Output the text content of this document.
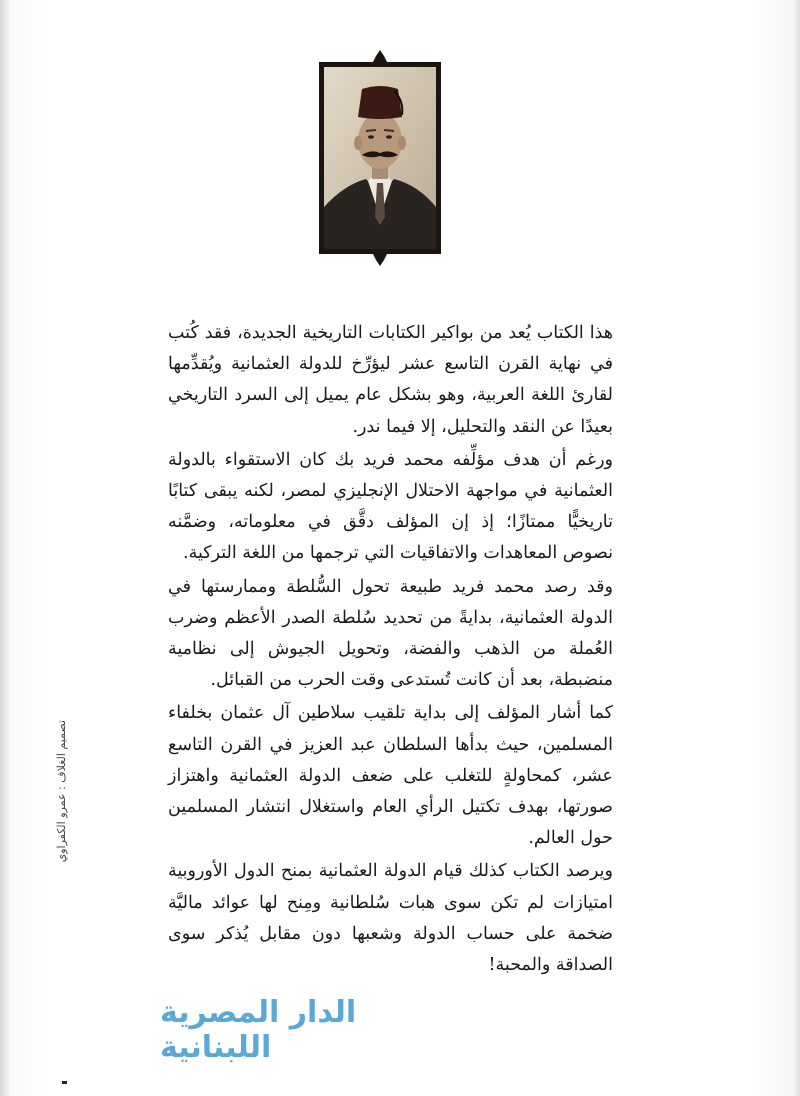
هذا الكتاب يُعد من بواكير الكتابات التاريخية الجديدة، فقد كُتب في نهاية القرن التاسع عشر ليؤرِّخ للدولة العثمانية ويُقدِّمها لقارئ اللغة العربية، وهو بشكل عام يميل إلى السرد التاريخي بعيدًا عن النقد والتحليل، إلا فيما ندر.

ورغم أن هدف مؤلِّفه محمد فريد بك كان الاستقواء بالدولة العثمانية في مواجهة الاحتلال الإنجليزي لمصر، لكنه يبقى كتابًا تاريخيًّا ممتازًا؛ إذ إن المؤلف دقَّق في معلوماته، وضمَّنه نصوص المعاهدات والاتفاقيات التي ترجمها من اللغة التركية.

وقد رصد محمد فريد طبيعة تحول السُّلطة وممارستها في الدولة العثمانية، بدايةً من تحديد سُلطة الصدر الأعظم وضرب العُملة من الذهب والفضة، وتحويل الجيوش إلى نظامية منضبطة، بعد أن كانت تُستدعى وقت الحرب من القبائل.

كما أشار المؤلف إلى بداية تلقيب سلاطين آل عثمان بخلفاء المسلمين، حيث بدأها السلطان عبد العزيز في القرن التاسع عشر، كمحاولةٍ للتغلب على ضعف الدولة العثمانية واهتزاز صورتها، بهدف تكتيل الرأي العام واستغلال انتشار المسلمين حول العالم.

ويرصد الكتاب كذلك قيام الدولة العثمانية بمنح الدول الأوروبية امتيازات لم تكن سوى هبات سُلطانية ومِنح لها عوائد ماليَّة ضخمة على حساب الدولة وشعبها دون مقابل يُذكر سوى الصداقة والمحبة!

تصميم الغلاف : عمرو الكفراوي
الدار المصرية اللبنانية
